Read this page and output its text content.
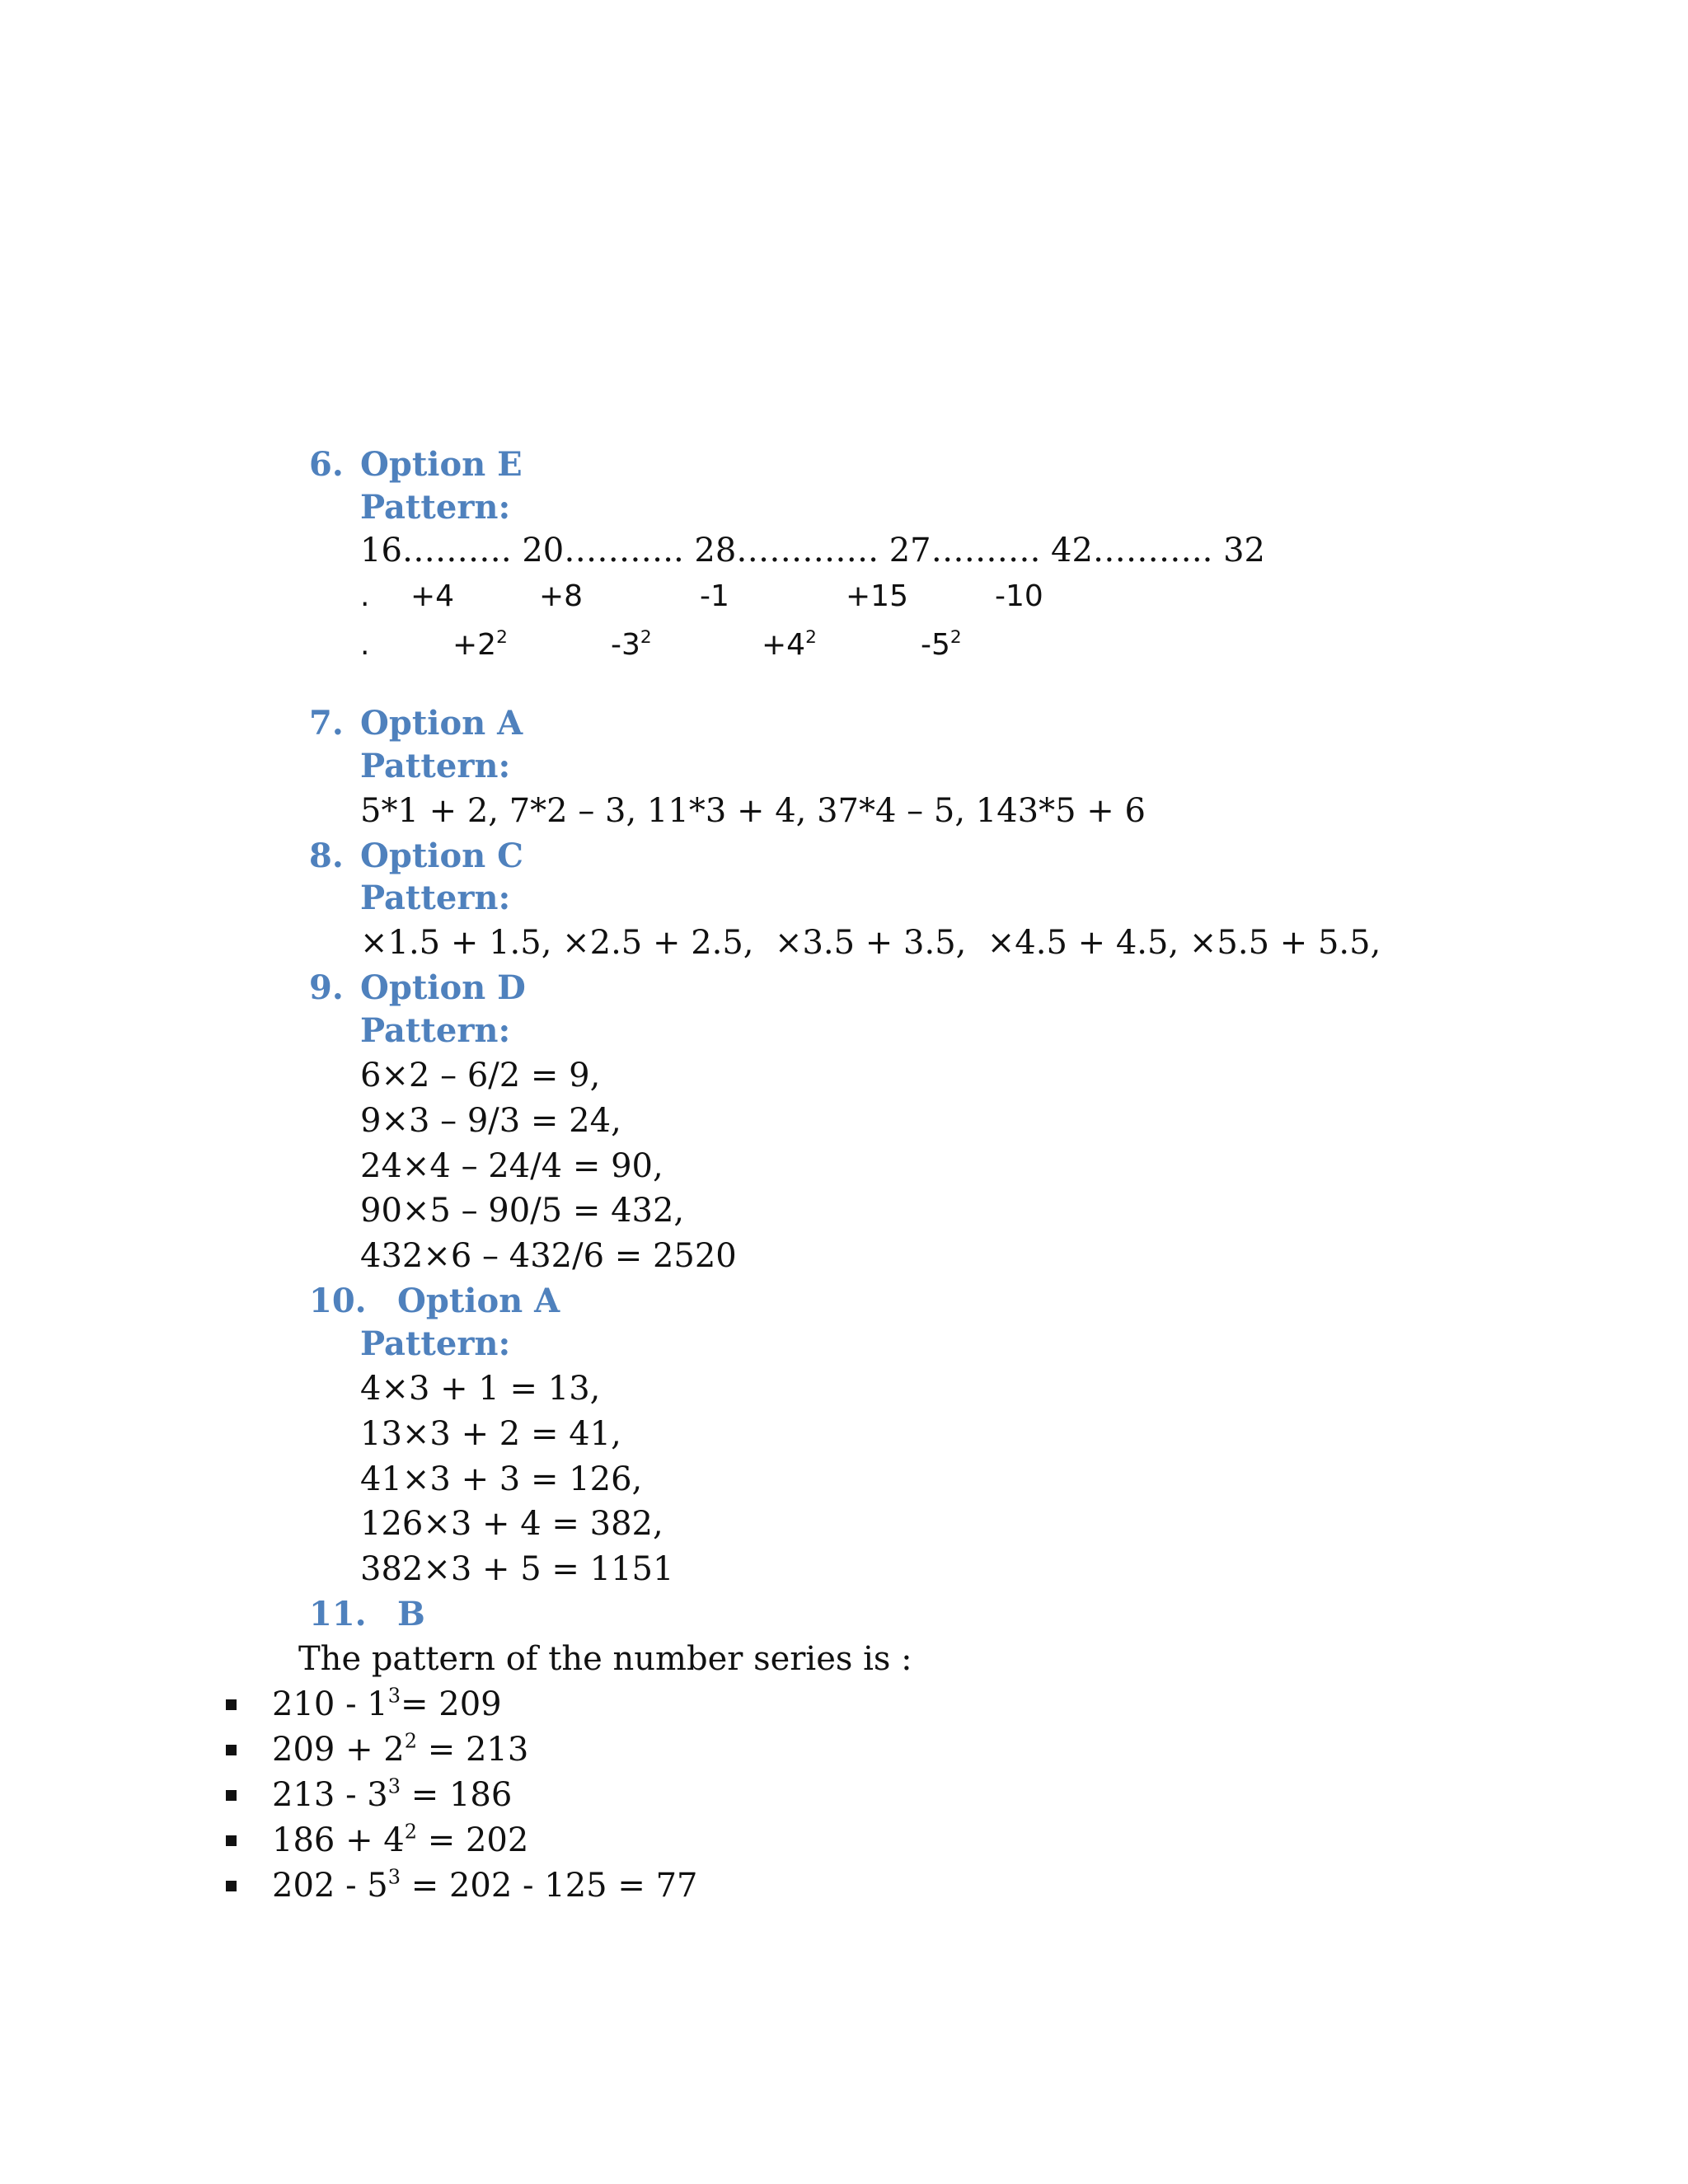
6. Option E
Pattern:
16………. 20……….. 28…………. 27………. 42……….. 32
. +4	+8	-1	+15	-10
.	$+2^2$	$-3^2$	$+4^2$	$-5^2$
7. Option A
Pattern:
5*1 + 2, 7*2 – 3, 11*3 + 4, 37*4 – 5, 143*5 + 6
8. Option C
Pattern:
×1.5 + 1.5, ×2.5 + 2.5,  ×3.5 + 3.5,  ×4.5 + 4.5, ×5.5 + 5.5,
9. Option D
Pattern:
6×2 – 6/2 = 9,
9×3 – 9/3 = 24,
24×4 – 24/4 = 90,
90×5 – 90/5 = 432,
432×6 – 432/6 = 2520
10. Option A
Pattern:
4×3 + 1 = 13,
13×3 + 2 = 41,
41×3 + 3 = 126,
126×3 + 4 = 382,
382×3 + 5 = 1151
11. B
The pattern of the number series is :
$210 - 1^3= 209$
$209 + 2^2 = 213$
$213 - 3^3 = 186$
$186 + 4^2 = 202$
$202 - 5^3 = 202 - 125 = 77$
